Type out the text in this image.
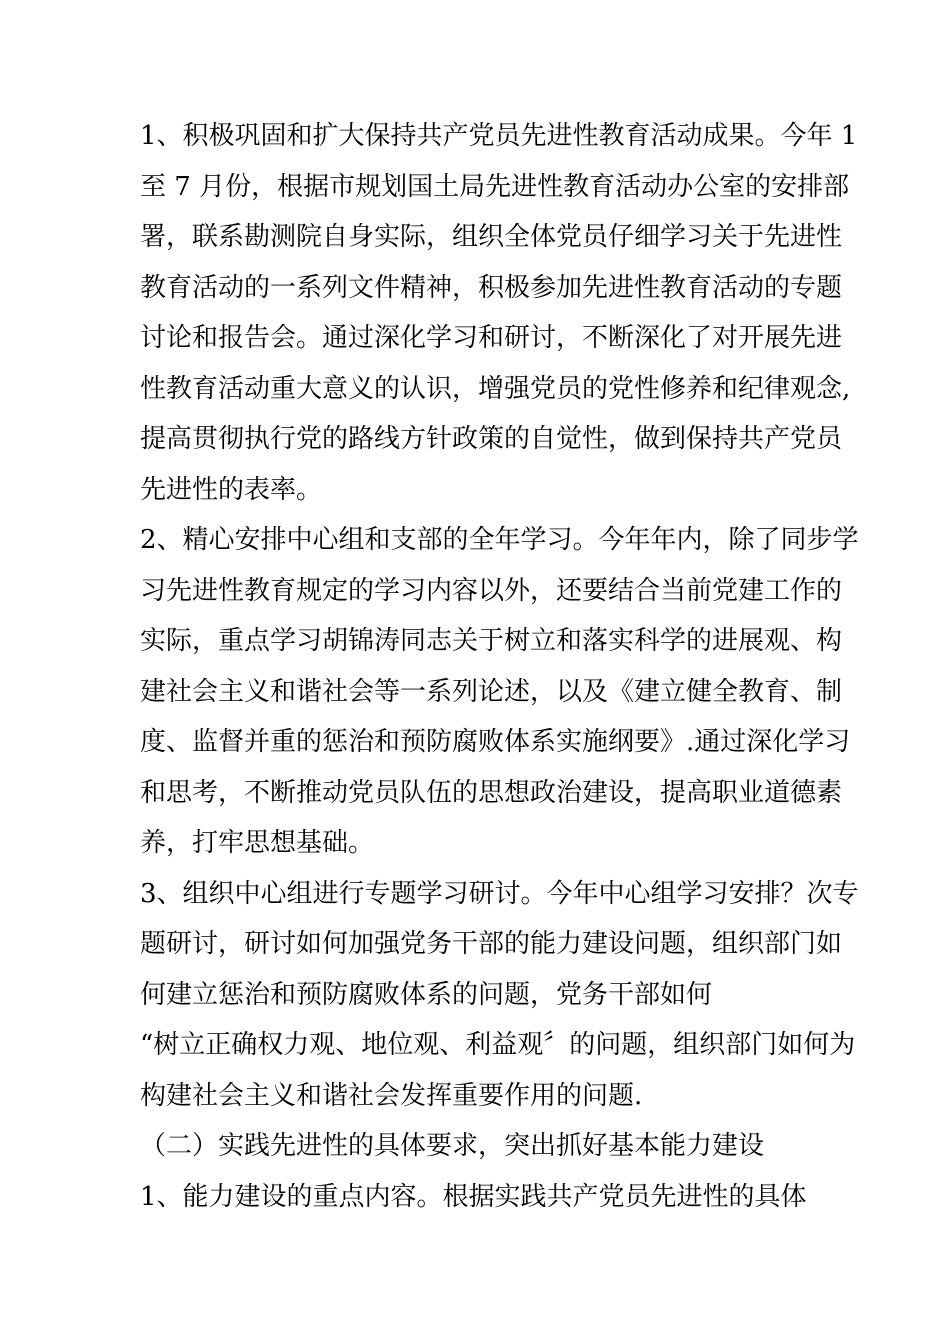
1、积极巩固和扩大保持共产党员先进性教育活动成果。今年 1
至 7 月份，根据市规划国土局先进性教育活动办公室的安排部
署，联系勘测院自身实际，组织全体党员仔细学习关于先进性
教育活动的一系列文件精神，积极参加先进性教育活动的专题
讨论和报告会。通过深化学习和研讨，不断深化了对开展先进
性教育活动重大意义的认识，增强党员的党性修养和纪律观念,
提高贯彻执行党的路线方针政策的自觉性，做到保持共产党员
先进性的表率。
2、精心安排中心组和支部的全年学习。今年年内，除了同步学
习先进性教育规定的学习内容以外，还要结合当前党建工作的
实际，重点学习胡锦涛同志关于树立和落实科学的进展观、构
建社会主义和谐社会等一系列论述，以及《建立健全教育、制
度、监督并重的惩治和预防腐败体系实施纲要》.通过深化学习
和思考，不断推动党员队伍的思想政治建设，提高职业道德素
养，打牢思想基础。
3、组织中心组进行专题学习研讨。今年中心组学习安排？次专
题研讨，研讨如何加强党务干部的能力建设问题，组织部门如
何建立惩治和预防腐败体系的问题，党务干部如何
“树立正确权力观、地位观、利益观〞的问题，组织部门如何为
构建社会主义和谐社会发挥重要作用的问题.
（二）实践先进性的具体要求，突出抓好基本能力建设
1、能力建设的重点内容。根据实践共产党员先进性的具体
